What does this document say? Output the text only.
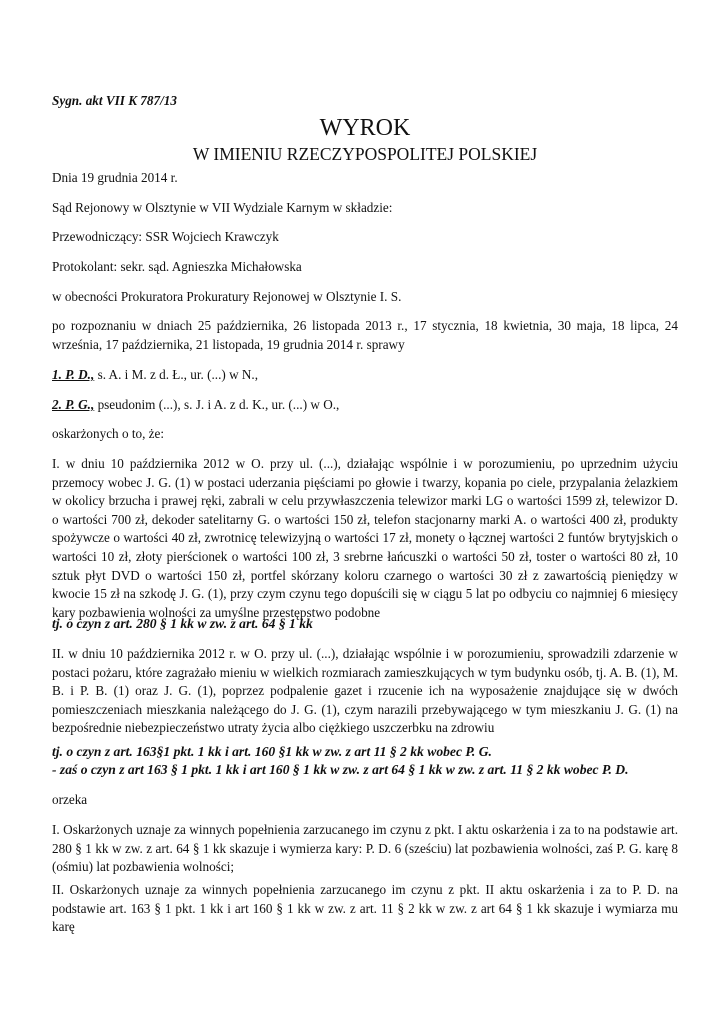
Sygn. akt VII K 787/13

WYROK
W IMIENIU RZECZYPOSPOLITEJ POLSKIEJ

Dnia 19 grudnia 2014 r.

Sąd Rejonowy w Olsztynie w VII Wydziale Karnym w składzie:

Przewodniczący: SSR Wojciech Krawczyk

Protokolant: sekr. sąd. Agnieszka Michałowska

w obecności Prokuratora Prokuratury Rejonowej w Olsztynie I. S.

po rozpoznaniu w dniach 25 października, 26 listopada 2013 r., 17 stycznia, 18 kwietnia, 30 maja, 18 lipca, 24 września, 17 października, 21 listopada, 19 grudnia 2014 r. sprawy

1. P. D., s. A. i M. z d. Ł., ur. (...) w N.,

2. P. G., pseudonim (...), s. J. i A. z d. K., ur. (...) w O.,

oskarżonych o to, że:

I. w dniu 10 października 2012 w O. przy ul. (...), działając wspólnie i w porozumieniu, po uprzednim użyciu przemocy wobec J. G. (1) w postaci uderzania pięściami po głowie i twarzy, kopania po ciele, przypalania żelazkiem w okolicy brzucha i prawej ręki, zabrali w celu przywłaszczenia telewizor marki LG o wartości 1599 zł, telewizor D. o wartości 700 zł, dekoder satelitarny G. o wartości 150 zł, telefon stacjonarny marki A. o wartości 400 zł, produkty spożywcze o wartości 40 zł, zwrotnicę telewizyjną o wartości 17 zł, monety o łącznej wartości 2 funtów brytyjskich o wartości 10 zł, złoty pierścionek o wartości 100 zł, 3 srebrne łańcuszki o wartości 50 zł, toster o wartości 80 zł, 10 sztuk płyt DVD o wartości 150 zł, portfel skórzany koloru czarnego o wartości 30 zł z zawartością pieniędzy w kwocie 15 zł na szkodę J. G. (1), przy czym czynu tego dopuścili się w ciągu 5 lat po odbyciu co najmniej 6 miesięcy kary pozbawienia wolności za umyślne przestępstwo podobne

tj. o czyn z art. 280 § 1 kk w zw. z art. 64 § 1 kk

II. w dniu 10 października 2012 r. w O. przy ul. (...), działając wspólnie i w porozumieniu, sprowadzili zdarzenie w postaci pożaru, które zagrażało mieniu w wielkich rozmiarach zamieszkujących w tym budynku osób, tj. A. B. (1), M. B. i P. B. (1) oraz J. G. (1), poprzez podpalenie gazet i rzucenie ich na wyposażenie znajdujące się w dwóch pomieszczeniach mieszkania należącego do J. G. (1), czym narazili przebywającego w tym mieszkaniu J. G. (1) na bezpośrednie niebezpieczeństwo utraty życia albo ciężkiego uszczerbku na zdrowiu

tj. o czyn z art. 163§1 pkt. 1 kk i art. 160 §1 kk w zw. z art 11 § 2 kk wobec P. G.

- zaś o czyn z art 163 § 1 pkt. 1 kk i art 160 § 1 kk w zw. z art 64 § 1 kk w zw. z art. 11 § 2 kk wobec P. D.

orzeka

I. Oskarżonych uznaje za winnych popełnienia zarzucanego im czynu z pkt. I aktu oskarżenia i za to na podstawie art. 280 § 1 kk w zw. z art. 64 § 1 kk skazuje i wymierza kary: P. D. 6 (sześciu) lat pozbawienia wolności, zaś P. G. karę 8 (ośmiu) lat pozbawienia wolności;

II. Oskarżonych uznaje za winnych popełnienia zarzucanego im czynu z pkt. II aktu oskarżenia i za to P. D. na podstawie art. 163 § 1 pkt. 1 kk i art 160 § 1 kk w zw. z art. 11 § 2 kk w zw. z art 64 § 1 kk skazuje i wymiarza mu karę
